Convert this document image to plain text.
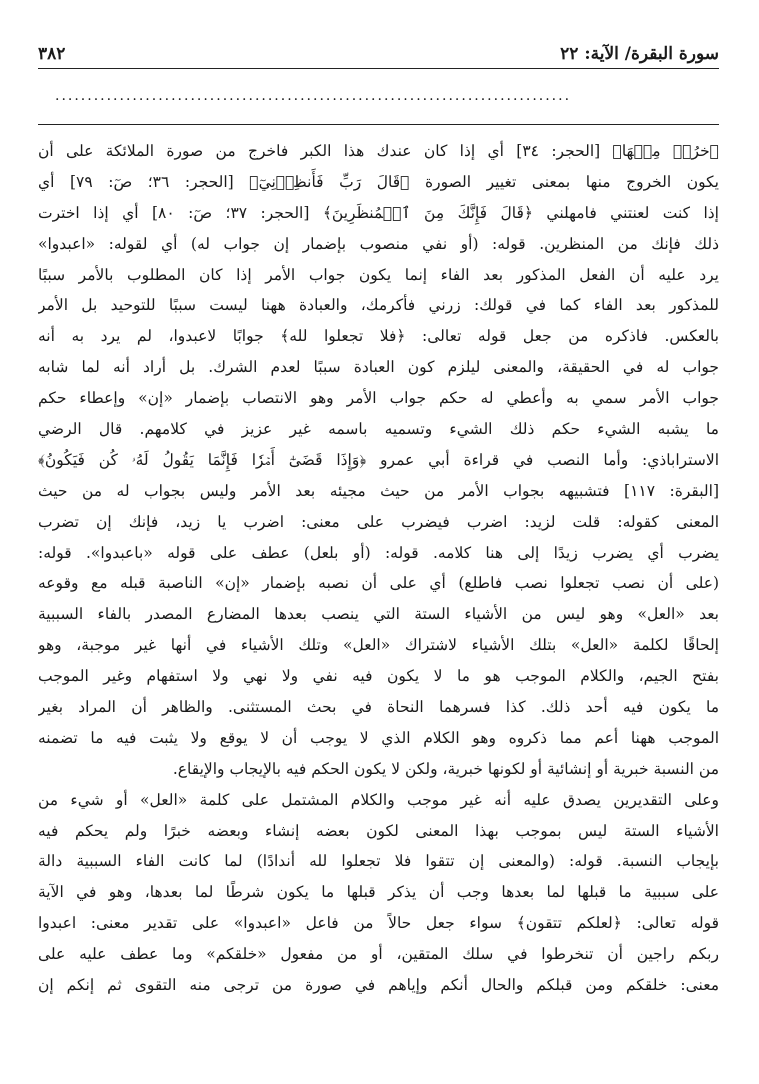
سورة البقرة/ الآية: ٢٢
٣٨٢
................................................................................
ﭐﺧﺮُﺝۡ ﻣِﻨۡﻬَﺎ﴾ [الحجر: ٣٤] أي إذا كان عندك هذا الكبر فاخرج من صورة الملائكة على أن
يكون الخروج منها بمعنى تغيير الصورة ﴿قَالَ رَبِّ فَأَنظِرۡنِيٓ﴾ [الحجر: ٣٦؛ صٓ: ٧٩] أي
إذا كنت لعنتني فامهلني ﴿قَالَ فَإِنَّكَ مِنَ ٱلۡمُنظَرِينَ﴾ [الحجر: ٣٧؛ صٓ: ٨٠] أي إذا اخترت
ذلك فإنك من المنظرين. قوله: (أو نفي منصوب بإضمار إن جواب له) أي لقوله: «اعبدوا»
يرد عليه أن الفعل المذكور بعد الفاء إنما يكون جواب الأمر إذا كان المطلوب بالأمر سببًا
للمذكور بعد الفاء كما في قولك: زرني فأكرمك، والعبادة ههنا ليست سببًا للتوحيد بل الأمر
بالعكس. فاذكره من جعل قوله تعالى: ﴿فلا تجعلوا لله﴾ جوابًا لاعبدوا، لم يرد به أنه
جواب له في الحقيقة، والمعنى ليلزم كون العبادة سببًا لعدم الشرك. بل أراد أنه لما شابه
جواب الأمر سمي به وأعطي له حكم جواب الأمر وهو الانتصاب بإضمار «إن» وإعطاء حكم
ما يشبه الشيء حكم ذلك الشيء وتسميه باسمه غير عزيز في كلامهم. قال الرضي
الاستراباذي: وأما النصب في قراءة أبي عمرو ﴿وَإِذَا قَضَىٰٓ أَمۡرٗا فَإِنَّمَا يَقُولُ لَهُۥ كُن فَيَكُونُ﴾
[البقرة: ١١٧] فتشبيهه بجواب الأمر من حيث مجيئه بعد الأمر وليس بجواب له من حيث
المعنى كقوله: قلت لزيد: اضرب فيضرب على معنى: اضرب يا زيد، فإنك إن تضرب
يضرب أي يضرب زيدًا إلى هنا كلامه. قوله: (أو بلعل) عطف على قوله «باعبدوا». قوله:
(على أن نصب تجعلوا نصب فاطلع) أي على أن نصبه بإضمار «إن» الناصبة قبله مع وقوعه
بعد «العل» وهو ليس من الأشياء الستة التي ينصب بعدها المضارع المصدر بالفاء السببية
إلحاقًا لكلمة «العل» بتلك الأشياء لاشتراك «العل» وتلك الأشياء في أنها غير موجبة، وهو
بفتح الجيم، والكلام الموجب هو ما لا يكون فيه نفي ولا نهي ولا استفهام وغير الموجب
ما يكون فيه أحد ذلك. كذا فسرهما النحاة في بحث المستثنى. والظاهر أن المراد بغير
الموجب ههنا أعم مما ذكروه وهو الكلام الذي لا يوجب أن لا يوقع ولا يثبت فيه ما تضمنه
من النسبة خبرية أو إنشائية أو لكونها خبرية، ولكن لا يكون الحكم فيه بالإيجاب والإيقاع.
وعلى التقديرين يصدق عليه أنه غير موجب والكلام المشتمل على كلمة «العل» أو شيء من
الأشياء الستة ليس بموجب بهذا المعنى لكون بعضه إنشاء وبعضه خبرًا ولم يحكم فيه
بإيجاب النسبة. قوله: (والمعنى إن تتقوا فلا تجعلوا لله أندادًا) لما كانت الفاء السببية دالة
على سببية ما قبلها لما بعدها وجب أن يذكر قبلها ما يكون شرطًا لما بعدها، وهو في الآية
قوله تعالى: ﴿لعلكم تتقون﴾ سواء جعل حالاً من فاعل «اعبدوا» على تقدير معنى: اعبدوا
ربكم راجين أن تنخرطوا في سلك المتقين، أو من مفعول «خلقكم» وما عطف عليه على
معنى: خلقكم ومن قبلكم والحال أنكم وإياهم في صورة من ترجى منه التقوى ثم إنكم إن
